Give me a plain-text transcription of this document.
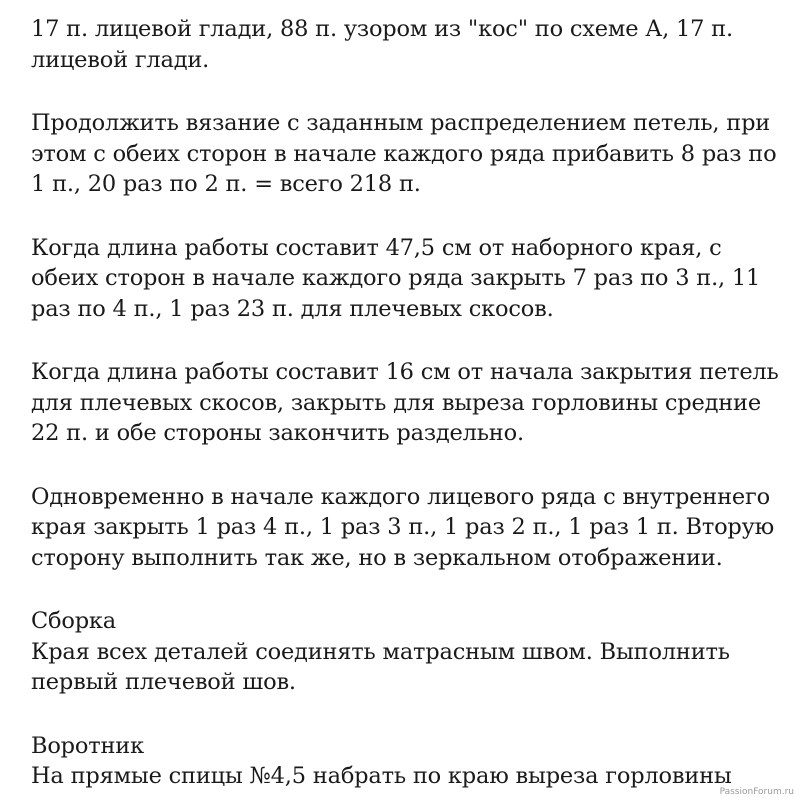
17 п. лицевой глади, 88 п. узором из "кос" по схеме А, 17 п.
лицевой глади.

Продолжить вязание с заданным распределением петель, при
этом с обеих сторон в начале каждого ряда прибавить 8 раз по
1 п., 20 раз по 2 п. = всего 218 п.

Когда длина работы составит 47,5 см от наборного края, с
обеих сторон в начале каждого ряда закрыть 7 раз по 3 п., 11
раз по 4 п., 1 раз 23 п. для плечевых скосов.

Когда длина работы составит 16 см от начала закрытия петель
для плечевых скосов, закрыть для выреза горловины средние
22 п. и обе стороны закончить раздельно.

Одновременно в начале каждого лицевого ряда с внутреннего
края закрыть 1 раз 4 п., 1 раз 3 п., 1 раз 2 п., 1 раз 1 п. Вторую
сторону выполнить так же, но в зеркальном отображении.

Сборка
Края всех деталей соединять матрасным швом. Выполнить
первый плечевой шов.
Воротник
На прямые спицы №4,5 набрать по краю выреза горловины
PassionForum.ru
